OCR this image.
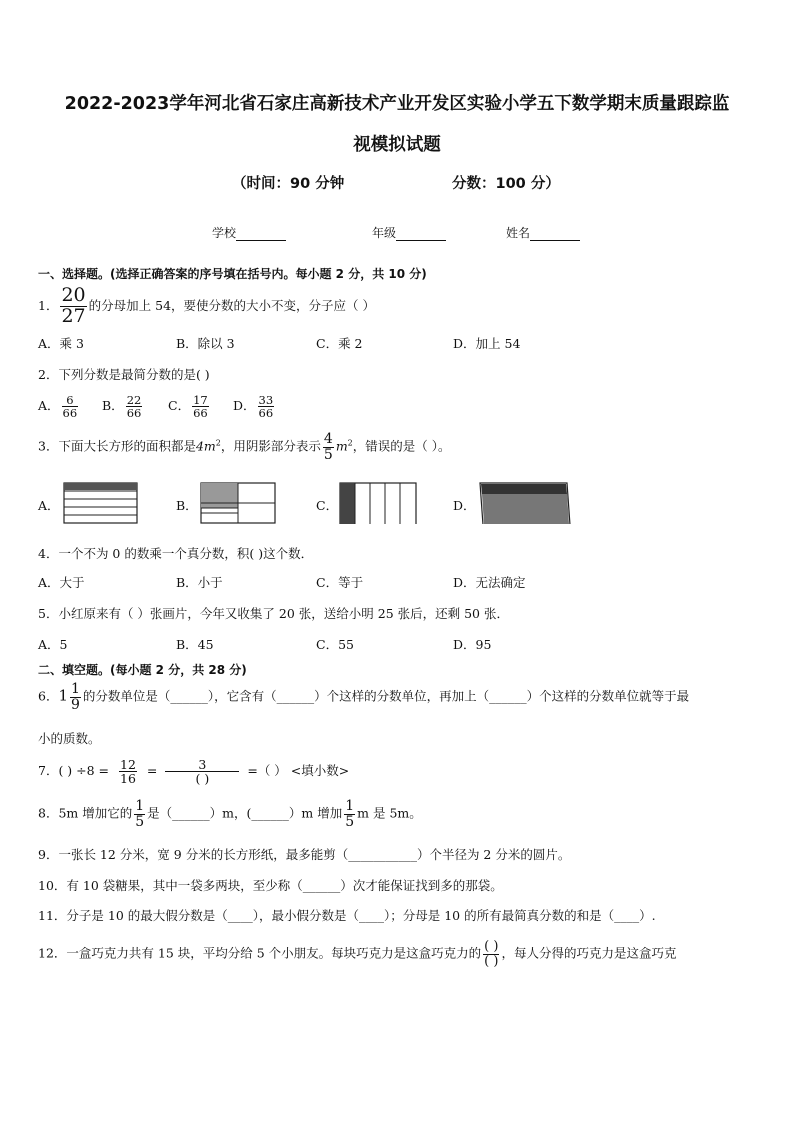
2022-2023学年河北省石家庄高新技术产业开发区实验小学五下数学期末质量跟踪监
视模拟试题
（时间：90 分钟	分数：100 分）
学校	年级	姓名
一、选择题。(选择正确答案的序号填在括号内。每小题 2 分，共 10 分)
1． $\frac{20}{27}$ 的分母加上 54，要使分数的大小不变，分子应（ ）
A．乘 3	B．除以 3	C．乘 2	D．加上 54
2．下列分数是最简分数的是( )
A． $\frac{6}{66}$ B． $\frac{22}{66}$ C． $\frac{17}{66}$ D． $\frac{33}{66}$
3．下面大长方形的面积都是$4m^2$，用阴影部分表示 $\frac{4}{5} m^2$，错误的是（ ）。
A．	B．	C．	D．
4．一个不为 0 的数乘一个真分数，积( )这个数．
A．大于	B．小于	C．等于	D．无法确定
5．小红原来有（ ）张画片，今年又收集了 20 张，送给小明 25 张后，还剩 50 张．
A．5	B．45	C．55	D．95
二、填空题。(每小题 2 分，共 28 分)
6．$1 \frac{1}{9}$ 的分数单位是（______），它含有（______）个这样的分数单位，再加上（______）个这样的分数单位就等于最
小的质数。
7．( ) $\div 8 = \frac{12}{16} = \frac{3}{( )}$ =（ ） <填小数>
8．5m 增加它的 $\frac{1}{5}$ 是（______）m，(______）m 增加 $\frac{1}{5}$ m 是 5m。
9．一张长 12 分米，宽 9 分米的长方形纸，最多能剪（___________）个半径为 2 分米的圆片。
10．有 10 袋糖果，其中一袋多两块，至少称（______）次才能保证找到多的那袋。
11．分子是 10 的最大假分数是（____），最小假分数是（____）；分母是 10 的所有最简真分数的和是（____）.
12．一盒巧克力共有 15 块，平均分给 5 个小朋友。每块巧克力是这盒巧克力的 $\frac{( )}{( )}$ ，每人分得的巧克力是这盒巧克
